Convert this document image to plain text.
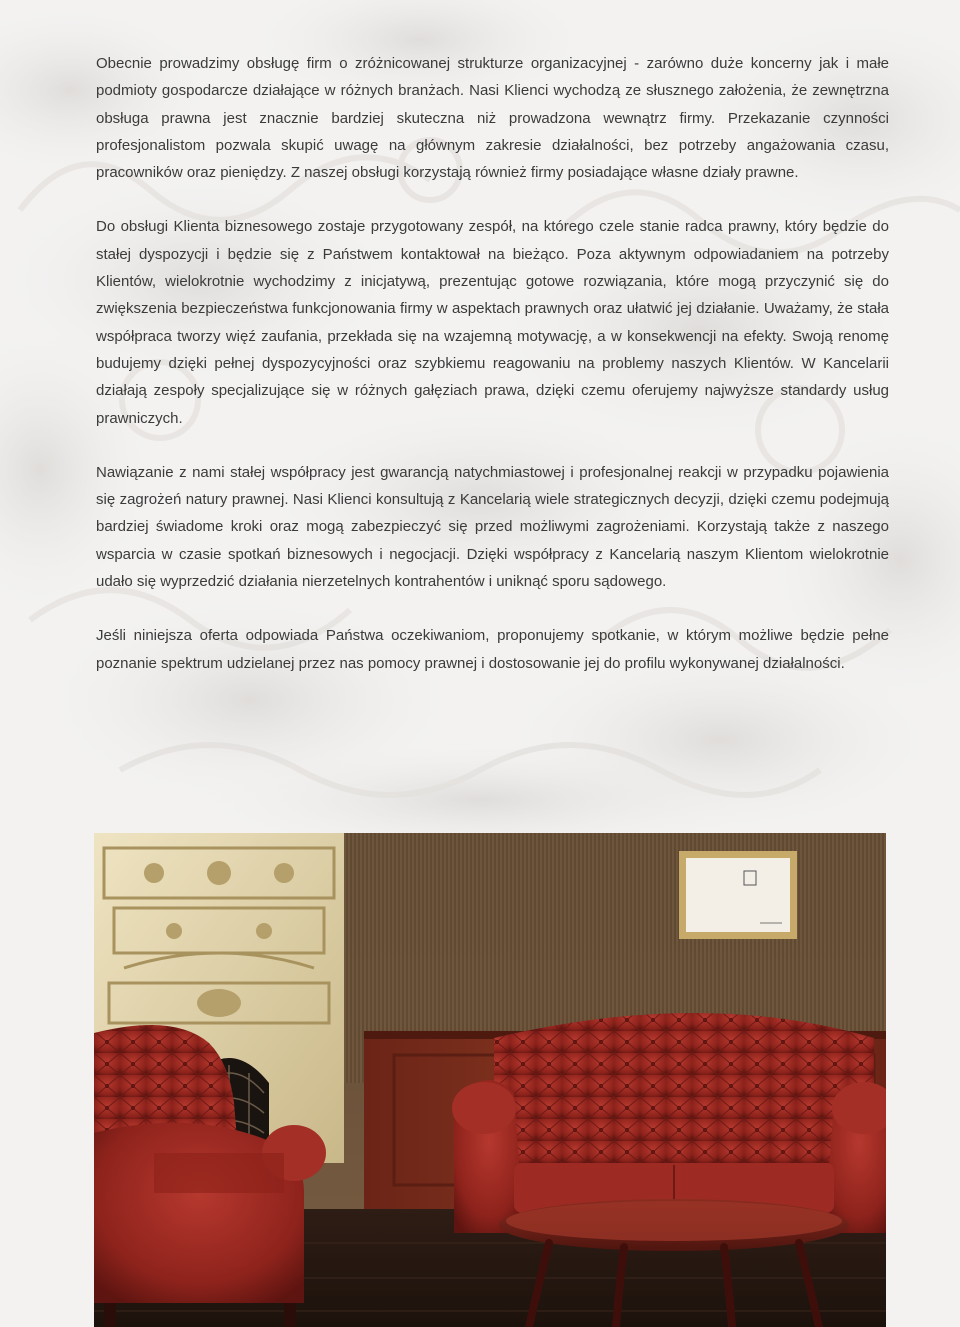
Obecnie prowadzimy obsługę firm o zróżnicowanej strukturze organizacyjnej - zarówno duże koncerny jak i małe podmioty gospodarcze działające w różnych branżach. Nasi Klienci wychodzą ze słusznego założenia, że zewnętrzna obsługa prawna jest znacznie bardziej skuteczna niż prowadzona wewnątrz firmy. Przekazanie czynności profesjonalistom pozwala skupić uwagę na głównym zakresie działalności, bez potrzeby angażowania czasu, pracowników oraz pieniędzy. Z naszej obsługi korzystają również firmy posiadające własne działy prawne.

Do obsługi Klienta biznesowego zostaje przygotowany zespół, na którego czele stanie radca prawny, który będzie do stałej dyspozycji i będzie się z Państwem kontaktował na bieżąco. Poza aktywnym odpowiadaniem na potrzeby Klientów, wielokrotnie wychodzimy z inicjatywą, prezentując gotowe rozwiązania, które mogą przyczynić się do zwiększenia bezpieczeństwa funkcjonowania firmy w aspektach prawnych oraz ułatwić jej działanie. Uważamy, że stała współpraca tworzy więź zaufania, przekłada się na wzajemną motywację, a w konsekwencji na efekty. Swoją renomę budujemy dzięki pełnej dyspozycyjności oraz szybkiemu reagowaniu na problemy naszych Klientów. W Kancelarii działają zespoły specjalizujące się w różnych gałęziach prawa, dzięki czemu oferujemy najwyższe standardy usług prawniczych.

Nawiązanie z nami stałej współpracy jest gwarancją natychmiastowej i profesjonalnej reakcji w przypadku pojawienia się zagrożeń natury prawnej. Nasi Klienci konsultują z Kancelarią wiele strategicznych decyzji, dzięki czemu podejmują bardziej świadome kroki oraz mogą zabezpieczyć się przed możliwymi zagrożeniami. Korzystają także z naszego wsparcia w czasie spotkań biznesowych i negocjacji. Dzięki współpracy z Kancelarią naszym Klientom wielokrotnie udało się wyprzedzić działania nierzetelnych kontrahentów i uniknąć sporu sądowego.

Jeśli niniejsza oferta odpowiada Państwa oczekiwaniom, proponujemy spotkanie, w którym możliwe będzie pełne poznanie spektrum udzielanej przez nas pomocy prawnej i dostosowanie jej do profilu wykonywanej działalności.
